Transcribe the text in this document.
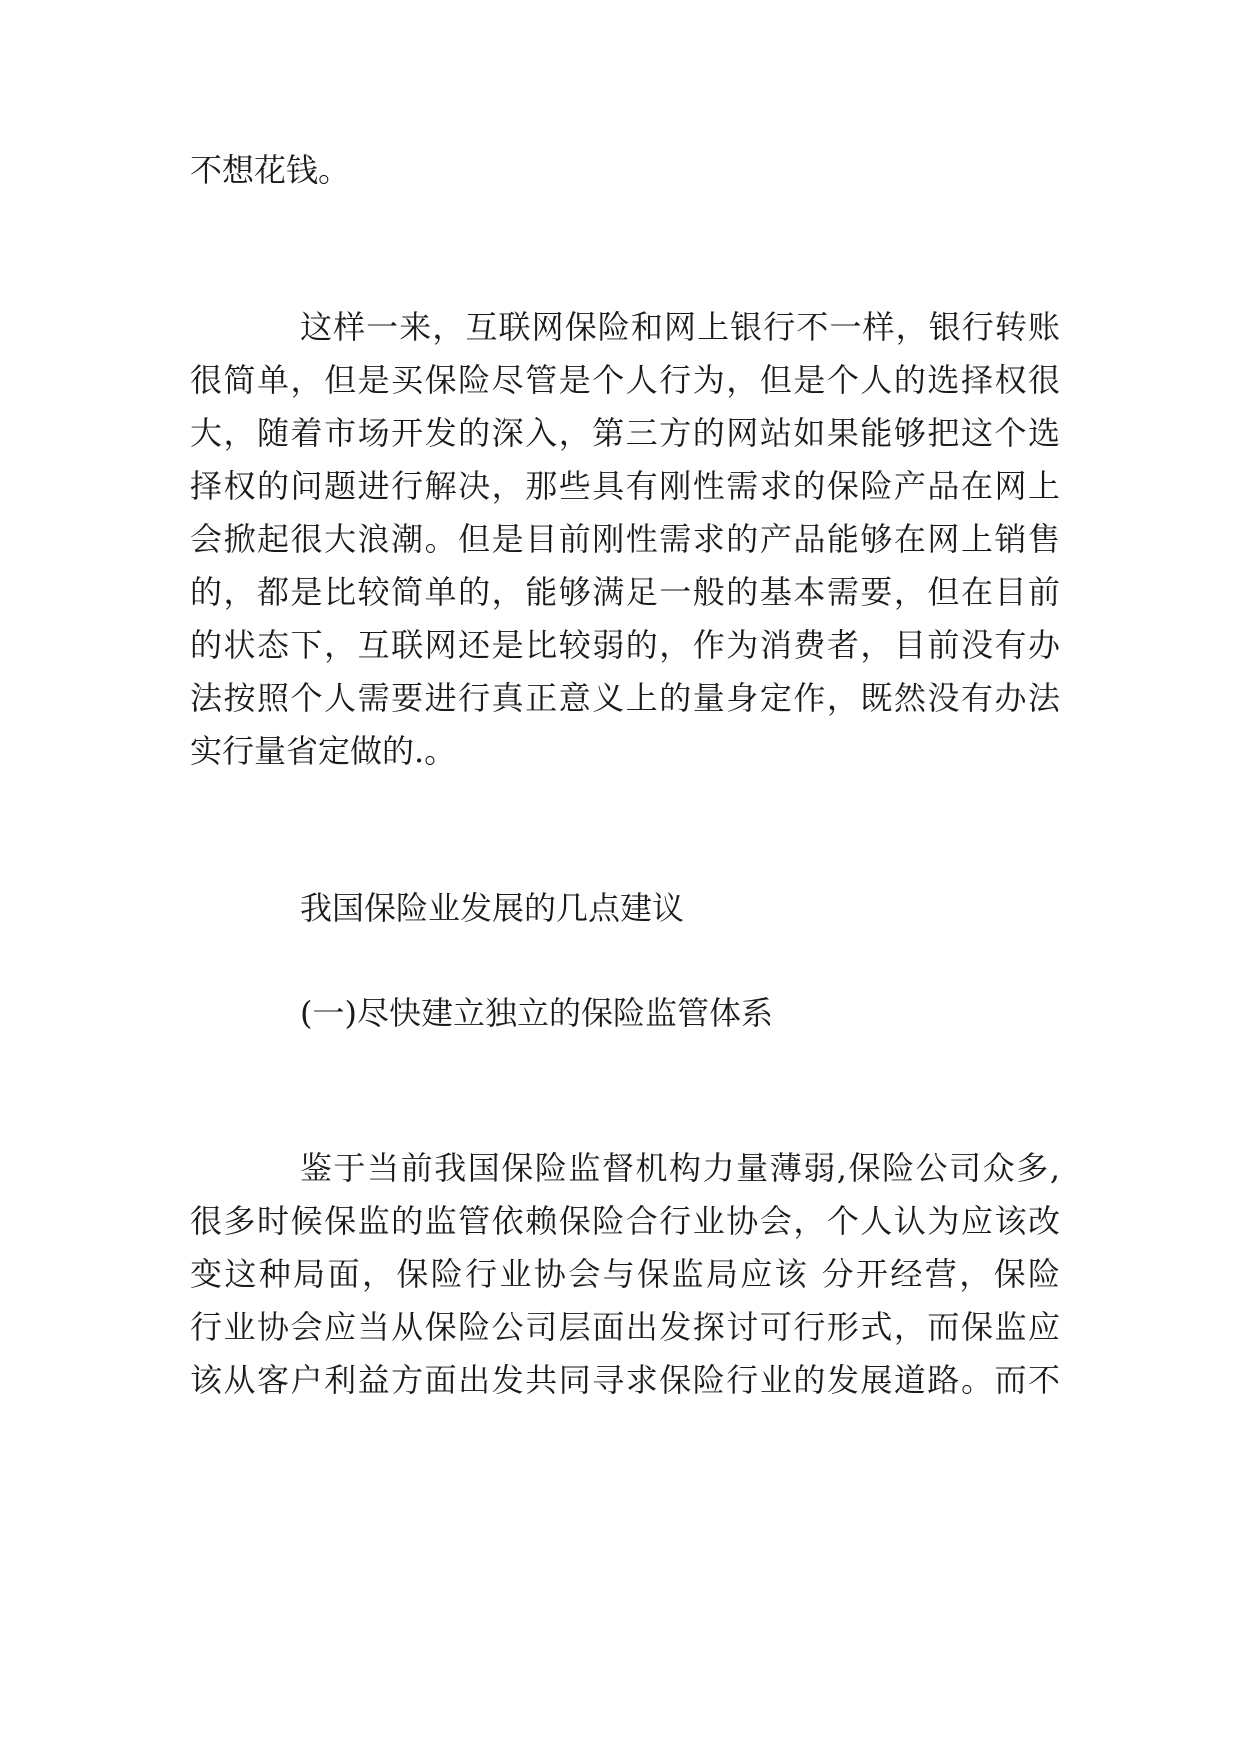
不想花钱。
这样一来，互联网保险和网上银行不一样，银行转账
很简单，但是买保险尽管是个人行为，但是个人的选择权很
大，随着市场开发的深入，第三方的网站如果能够把这个选
择权的问题进行解决，那些具有刚性需求的保险产品在网上
会掀起很大浪潮。但是目前刚性需求的产品能够在网上销售
的，都是比较简单的，能够满足一般的基本需要，但在目前
的状态下，互联网还是比较弱的，作为消费者，目前没有办
法按照个人需要进行真正意义上的量身定作，既然没有办法
实行量省定做的.。
我国保险业发展的几点建议
(一)尽快建立独立的保险监管体系
鉴于当前我国保险监督机构力量薄弱,保险公司众多,
很多时候保监的监管依赖保险合行业协会，个人认为应该改
变这种局面，保险行业协会与保监局应该 分开经营，保险
行业协会应当从保险公司层面出发探讨可行形式，而保监应
该从客户利益方面出发共同寻求保险行业的发展道路。而不
